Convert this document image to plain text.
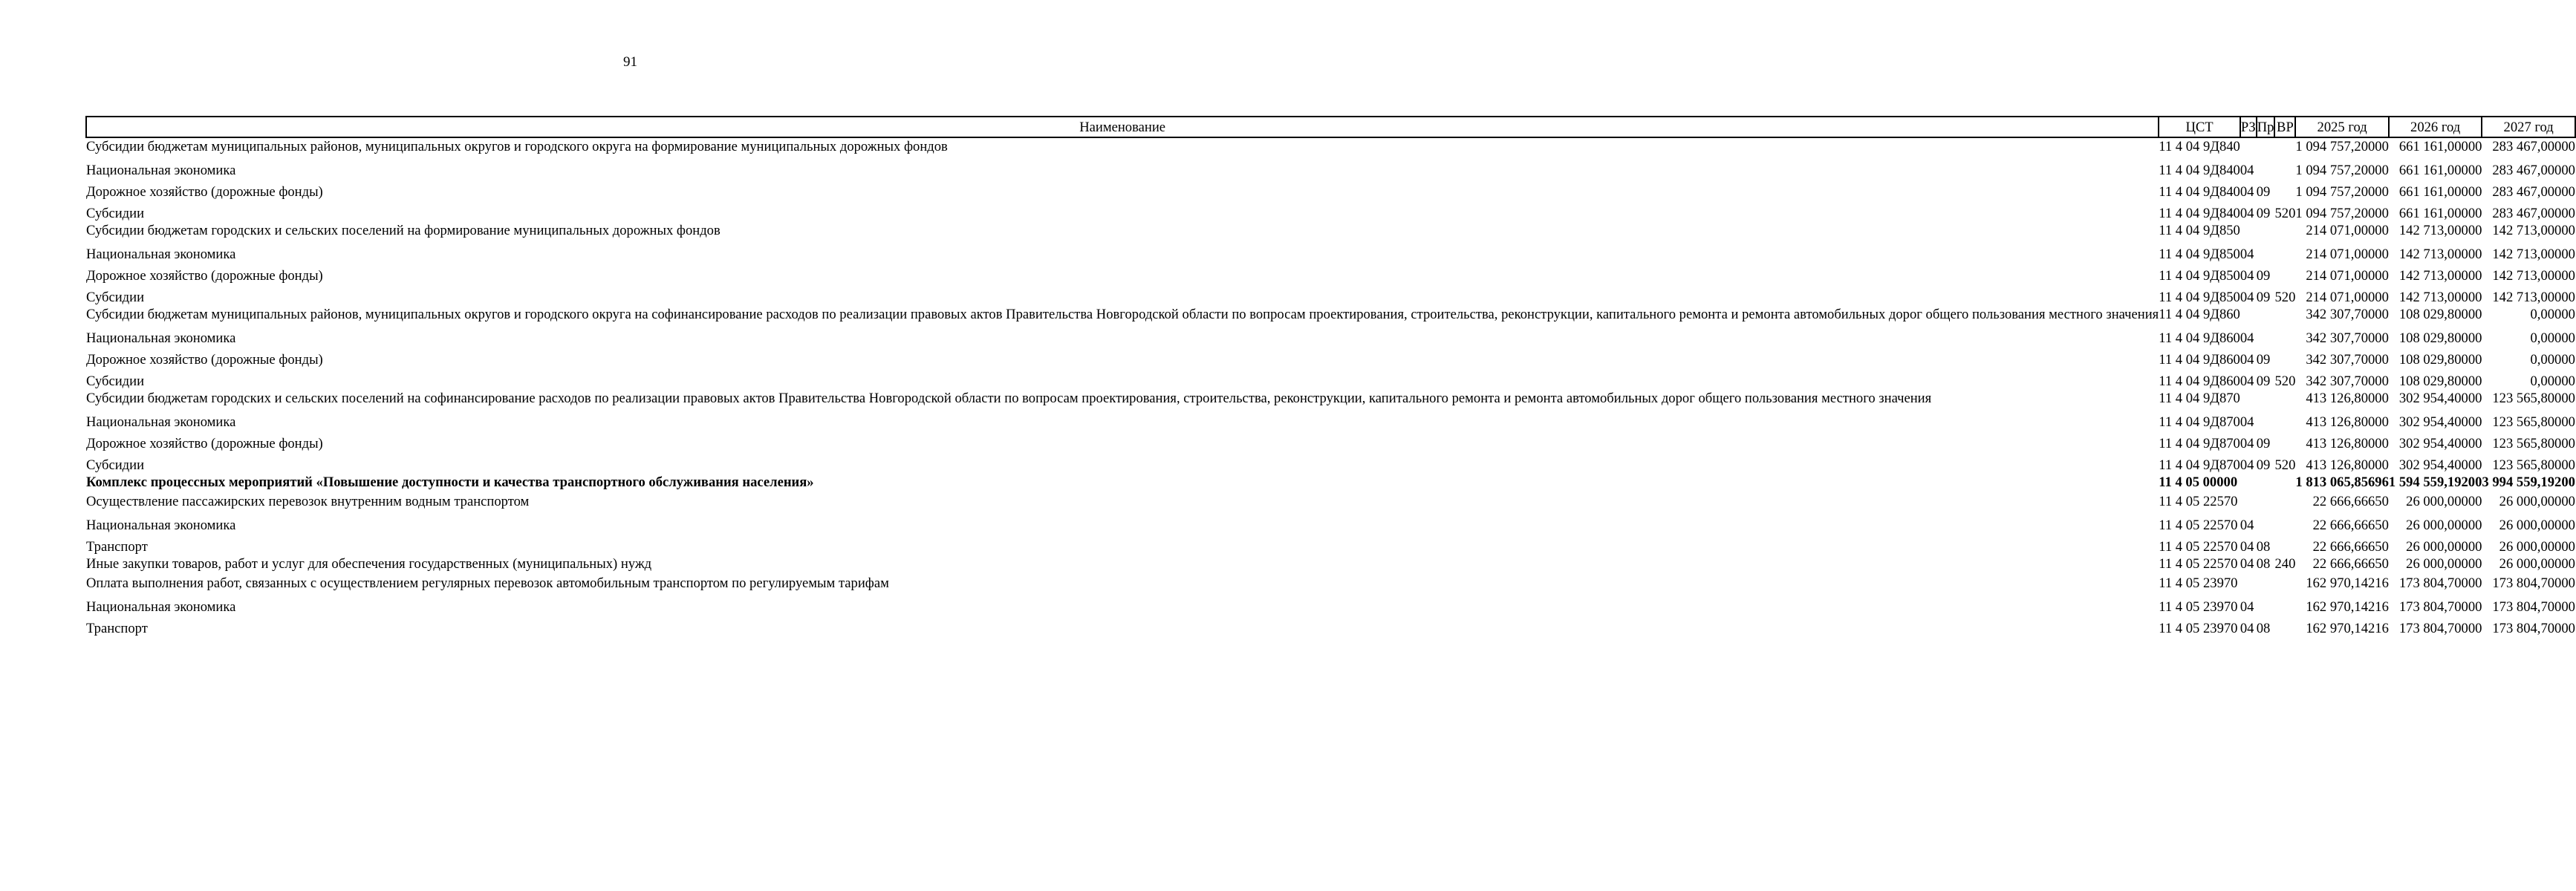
91
Наименование	ЦСТ	РЗ	Пр	ВР	2025 год	2026 год	2027 год
Субсидии бюджетам муниципальных районов, муниципальных округов и городского округа на формирование муниципальных дорожных фондов	11 4 04 9Д840				1 094 757,20000	661 161,00000	283 467,00000
Национальная экономика	11 4 04 9Д840	04			1 094 757,20000	661 161,00000	283 467,00000
Дорожное хозяйство (дорожные фонды)	11 4 04 9Д840	04	09		1 094 757,20000	661 161,00000	283 467,00000
Субсидии	11 4 04 9Д840	04	09	520	1 094 757,20000	661 161,00000	283 467,00000
Субсидии бюджетам городских и сельских поселений на формирование муниципальных дорожных фондов	11 4 04 9Д850				214 071,00000	142 713,00000	142 713,00000
Национальная экономика	11 4 04 9Д850	04			214 071,00000	142 713,00000	142 713,00000
Дорожное хозяйство (дорожные фонды)	11 4 04 9Д850	04	09		214 071,00000	142 713,00000	142 713,00000
Субсидии	11 4 04 9Д850	04	09	520	214 071,00000	142 713,00000	142 713,00000
Субсидии бюджетам муниципальных районов, муниципальных округов и городского округа на софинансирование расходов по реализации правовых актов Правительства Новгородской области по вопросам проектирования, строительства, реконструкции, капитального ремонта и ремонта автомобильных дорог общего пользования местного значения	11 4 04 9Д860				342 307,70000	108 029,80000	0,00000
Национальная экономика	11 4 04 9Д860	04			342 307,70000	108 029,80000	0,00000
Дорожное хозяйство (дорожные фонды)	11 4 04 9Д860	04	09		342 307,70000	108 029,80000	0,00000
Субсидии	11 4 04 9Д860	04	09	520	342 307,70000	108 029,80000	0,00000
Субсидии бюджетам городских и сельских поселений на софинансирование расходов по реализации правовых актов Правительства Новгородской области по вопросам проектирования, строительства, реконструкции, капитального ремонта и ремонта автомобильных дорог общего пользования местного значения	11 4 04 9Д870				413 126,80000	302 954,40000	123 565,80000
Национальная экономика	11 4 04 9Д870	04			413 126,80000	302 954,40000	123 565,80000
Дорожное хозяйство (дорожные фонды)	11 4 04 9Д870	04	09		413 126,80000	302 954,40000	123 565,80000
Субсидии	11 4 04 9Д870	04	09	520	413 126,80000	302 954,40000	123 565,80000
Комплекс процессных мероприятий «Повышение доступности и качества транспортного обслуживания населения»	11 4 05 00000				1 813 065,85696	1 594 559,19200	3 994 559,19200
Осуществление пассажирских перевозок внутренним водным транспортом	11 4 05 22570				22 666,66650	26 000,00000	26 000,00000
Национальная экономика	11 4 05 22570	04			22 666,66650	26 000,00000	26 000,00000
Транспорт	11 4 05 22570	04	08		22 666,66650	26 000,00000	26 000,00000
Иные закупки товаров, работ и услуг для обеспечения государственных (муниципальных) нужд	11 4 05 22570	04	08	240	22 666,66650	26 000,00000	26 000,00000
Оплата выполнения работ, связанных с осуществлением регулярных перевозок автомобильным транспортом по регулируемым тарифам	11 4 05 23970				162 970,14216	173 804,70000	173 804,70000
Национальная экономика	11 4 05 23970	04			162 970,14216	173 804,70000	173 804,70000
Транспорт	11 4 05 23970	04	08		162 970,14216	173 804,70000	173 804,70000
